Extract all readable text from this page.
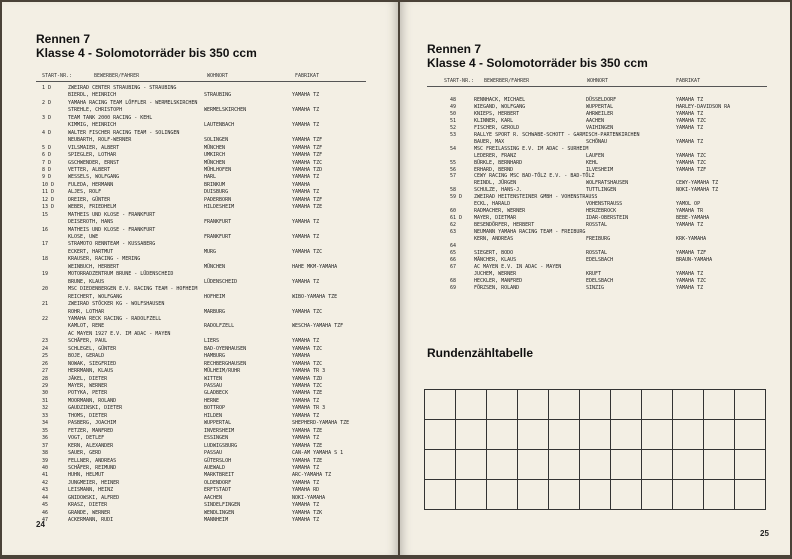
Rennen 7
Klasse 4 - Solomotorräder bis 350 ccm
START-NR.:	BEWERBER/FAHRER	WOHNORT	FABRIKAT
1 D	ZWEIRAD CENTER STRAUBING - STRAUBING
BIERDL, HEINRICH	STRAUBING	YAMAHA TZ
2 D	YAMAHA RACING TEAM LÖFFLER - WERMELSKIRCHEN
STREHLE, CHRISTOPH	WERMELSKIRCHEN	YAMAHA TZ
3 D	TEAM TANK 2000 RACING - KEHL
KIMMIG, HEINRICH	LAUTENBACH	YAMAHA TZ
4 D	WALTER FISCHER RACING TEAM - SOLINGEN
NEUBARTH, ROLF-WERNER	SOLINGEN	YAMAHA TZF
5 D	VILSMAIER, ALBERT	MÜNCHEN	YAMAHA TZF
6 D	SPIEGLER, LOTHAR	UMKIRCH	YAMAHA TZF
7 D	GSCHWENDER, ERNST	MÜNCHEN	YAMAHA TZC
8 D	VETTER, ALBERT	MÜHLHOFEN	YAMAHA TZD
9 D	WESSELS, WOLFGANG	HARL	YAMAHA TZ
10 D	FULEDA, HERMANN	BRINKUM	YAMAHA
11 D	ALJES, ROLF	DUISBURG	YAMAHA TZ
12 D	DREIER, GÜNTER	PADERBORN	YAMAHA TZF
13 D	WEBER, FRIEDHELM	HILDESHEIM	YAMAHA TZE
15	MATHEIS UND KLOSE - FRANKFURT
DEISEROTH, HANS	FRANKFURT	YAMAHA TZ
16	MATHEIS UND KLOSE - FRANKFURT
KLOSE, UWE	FRANKFURT	YAMAHA TZ
17	STRAMOTO RENNTEAM - KUSSABERG
ECKERT, HARTMUT	MURG	YAMAHA TZC
18	KRAUSER, RACING - MERING
WEINBUCH, HERBERT	MÜNCHEN	HAHE MKM-YAMAHA
19	MOTORRADZENTRUM BRUNE - LÜDENSCHEID
BRUNE, KLAUS	LÜDENSCHEID	YAMAHA TZ
20	MSC DIEDENBERGEN E.V. RACING TEAM - HOFHEIM
REICHERT, WOLFGANG	HOFHEIM	WIBO-YAMAHA TZE
21	ZWEIRAD STÖCKER KG - WOLFSHAUSEN
ROHR, LOTHAR	MARBURG	YAMAHA TZC
22	YAMAHA RECK RACING - RADOLFZELL
KAMLOT, RENE	RADOLFZELL	WESCHA-YAMAHA TZF
AC MAYEN 1927 E.V. IM ADAC - MAYEN
23	SCHÄFER, PAUL	LIERS	YAMAHA TZ
24	SCHLEGEL, GÜNTER	BAD-OYENHAUSEN	YAMAHA TZC
25	BOJE, GERALD	HAMBURG	YAMAHA
26	NOWAK, SIEGFRIED	RECHBERGHAUSEN	YAMAHA TZC
27	HERRMANN, KLAUS	MÜLHEIM/RUHR	YAMAHA TR 3
28	JÄKEL, DIETER	WITTEN	YAMAHA TZD
29	MAYER, WERNER	PASSAU	YAMAHA TZC
30	POTYKA, PETER	GLADBECK	YAMAHA TZE
31	MOORMANN, ROLAND	HERNE	YAMAHA TZ
32	GAUDZINSKI, DIETER	BOTTROP	YAMAHA TR 3
33	THOMS, DIETER	HILDEN	YAMAHA TZ
34	PASBERG, JOACHIM	WUPPERTAL	SHEPHERD-YAMAHA TZE
35	FETZER, MANFRED	INVERSHEIM	YAMAHA TZE
36	VOGT, DETLEF	ESSINGEN	YAMAHA TZ
37	KERN, ALEXANDER	LUDWIGSBURG	YAMAHA TZE
38	SAUER, GERD	PASSAU	CAN-AM YAMAHA S 1
39	FELLNER, ANDREAS	GÜTERSLOH	YAMAHA TZE
40	SCHÄFER, REIMUND	AUEWALD	YAMAHA TZ
41	HUHN, HELMUT	MARKTBREIT	ARC-YAMAHA TZ
42	JUNGMEIER, HEINER	OLDENDORF	YAMAHA TZ
43	LEISMANN, HEINZ	ERFTSTADT	YAMAHA RD
44	GNIDOWSKI, ALFRED	AACHEN	NOKI-YAMAHA
45	KRASZ, DIETER	SINDELFINGEN	YAMAHA TZ
46	GRANDE, WERNER	WENDLINGEN	YAMAHA TZK
47	ACKERMANN, RUDI	MANNHEIM	YAMAHA TZ
24
Rennen 7
Klasse 4 - Solomotorräder bis 350 ccm
START-NR.: BEWERBER/FAHRER	WOHNORT	FABRIKAT
48	RENNHACK, MICHAEL	DÜSSELDORF	YAMAHA TZ
49	WIEGAND, WOLFGANG	WUPPERTAL	HARLEY-DAVIDSON RA
50	KNIEPS, HERBERT	AHRWEILER	YAMAHA TZ
51	KLINNER, KARL	AACHEN	YAMAHA TZC
52	FISCHER, GEROLD	VAIHINGEN	YAMAHA TZ
53	RALLYE SPORT R. SCHWABE-SCHOTT - GARMISCH-PARTENKIRCHEN
BAUER, MAX	SCHÖNAU	YAMAHA TZ
54	MSC FREILASSING E.V. IM ADAC - SURHEIM
LEDERER, FRANZ	LAUFEN	YAMAHA TZC
55	BÜRKLE, BERNHARD	KEHL	YAMAHA TZC
56	ERHARD, BERND	ILVESHEIM	YAMAHA TZF
57	CEWY RACING MSC BAD-TÖLZ E.V. - BAD-TÖLZ
REINDL, JÜRGEN	WOLFRATSHAUSEN	CEWY-YAMAHA TZ
58	SCHULZE, HANS-J.	TUTTLINGEN	NOKI-YAMAHA TZ
59 D ZWEIRAD HEITENSTEINER GMBH - VOHENSTRAUSS
ECKL, HARALD	VOHENSTRAUSS	YAMOL OP
60	RADMACHER, WERNER	HERZEBROCK	YAMAHA TR
61 D MAYER, DIETMAR	IDAR-OBERSTEIN	BEBE-YAMAHA
62	BESENDÖRFER, HERBERT	ROSSTAL	YAMAHA TZ
63	NEUMANN YAMAHA RACING TEAM - FREIBURG
KERN, ANDREAS	FREIBURG	KRK-YAMAHA
64
65	SIEGERT, BODO	ROSSTAL	YAMAHA TZF
66	MÄNCHER, KLAUS	EDELSBACH	BRAUN-YAMAHA
67	AC MAYEN E.V. IN ADAC - MAYEN
JUCHEM, WERNER	KRUFT	YAMAHA TZ
68	HECKLER, MANFRED	EDELSBACH	YAMAHA TZC
69	FÖRZSEN, ROLAND	SINZIG	YAMAHA TZ
Rundenzähltabelle

25
